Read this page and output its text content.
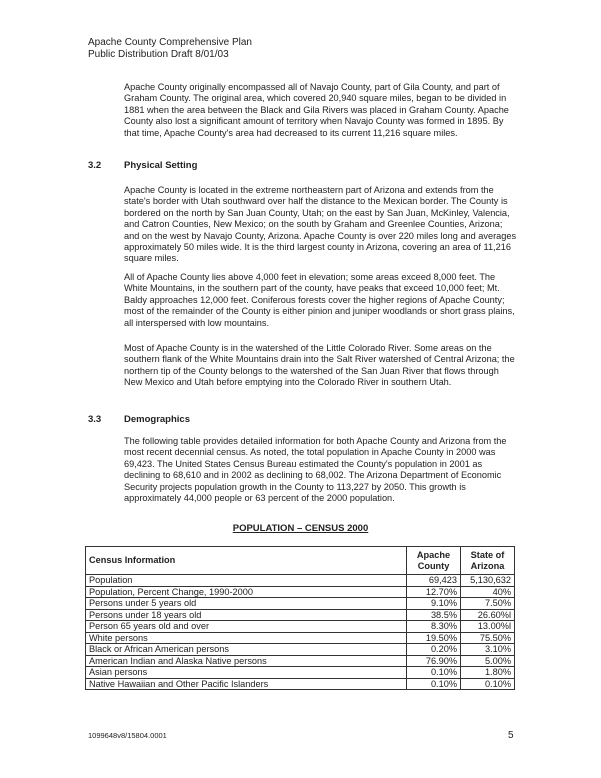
Apache County Comprehensive Plan
Public Distribution Draft 8/01/03

Apache County originally encompassed all of Navajo County, part of Gila County, and part of Graham County. The original area, which covered 20,940 square miles, began to be divided in 1881 when the area between the Black and Gila Rivers was placed in Graham County. Apache County also lost a significant amount of territory when Navajo County was formed in 1895. By that time, Apache County's area had decreased to its current 11,216 square miles.

3.2 Physical Setting

Apache County is located in the extreme northeastern part of Arizona and extends from the state's border with Utah southward over half the distance to the Mexican border. The County is bordered on the north by San Juan County, Utah; on the east by San Juan, McKinley, Valencia, and Catron Counties, New Mexico; on the south by Graham and Greenlee Counties, Arizona; and on the west by Navajo County, Arizona. Apache County is over 220 miles long and averages approximately 50 miles wide. It is the third largest county in Arizona, covering an area of 11,216 square miles.

All of Apache County lies above 4,000 feet in elevation; some areas exceed 8,000 feet. The White Mountains, in the southern part of the county, have peaks that exceed 10,000 feet; Mt. Baldy approaches 12,000 feet. Coniferous forests cover the higher regions of Apache County; most of the remainder of the County is either pinion and juniper woodlands or short grass plains, all interspersed with low mountains.

Most of Apache County is in the watershed of the Little Colorado River. Some areas on the southern flank of the White Mountains drain into the Salt River watershed of Central Arizona; the northern tip of the County belongs to the watershed of the San Juan River that flows through New Mexico and Utah before emptying into the Colorado River in southern Utah.

3.3 Demographics

The following table provides detailed information for both Apache County and Arizona from the most recent decennial census. As noted, the total population in Apache County in 2000 was 69,423. The United States Census Bureau estimated the County's population in 2001 as declining to 68,610 and in 2002 as declining to 68,002. The Arizona Department of Economic Security projects population growth in the County to 113,227 by 2050. This growth is approximately 44,000 people or 63 percent of the 2000 population.

POPULATION – CENSUS 2000
Census Information	Apache County	State of Arizona
Population	69,423	5,130,632
Population, Percent Change, 1990-2000	12.70%	40%
Persons under 5 years old	9.10%	7.50%
Persons under 18 years old	38.5%	26.60%l
Person 65 years old and over	8.30%	13.00%l
White persons	19.50%	75.50%
Black or African American persons	0.20%	3.10%
American Indian and Alaska Native persons	76.90%	5.00%
Asian persons	0.10%	1.80%
Native Hawaiian and Other Pacific Islanders	0.10%	0.10%
1099648v8/15804.0001	5
